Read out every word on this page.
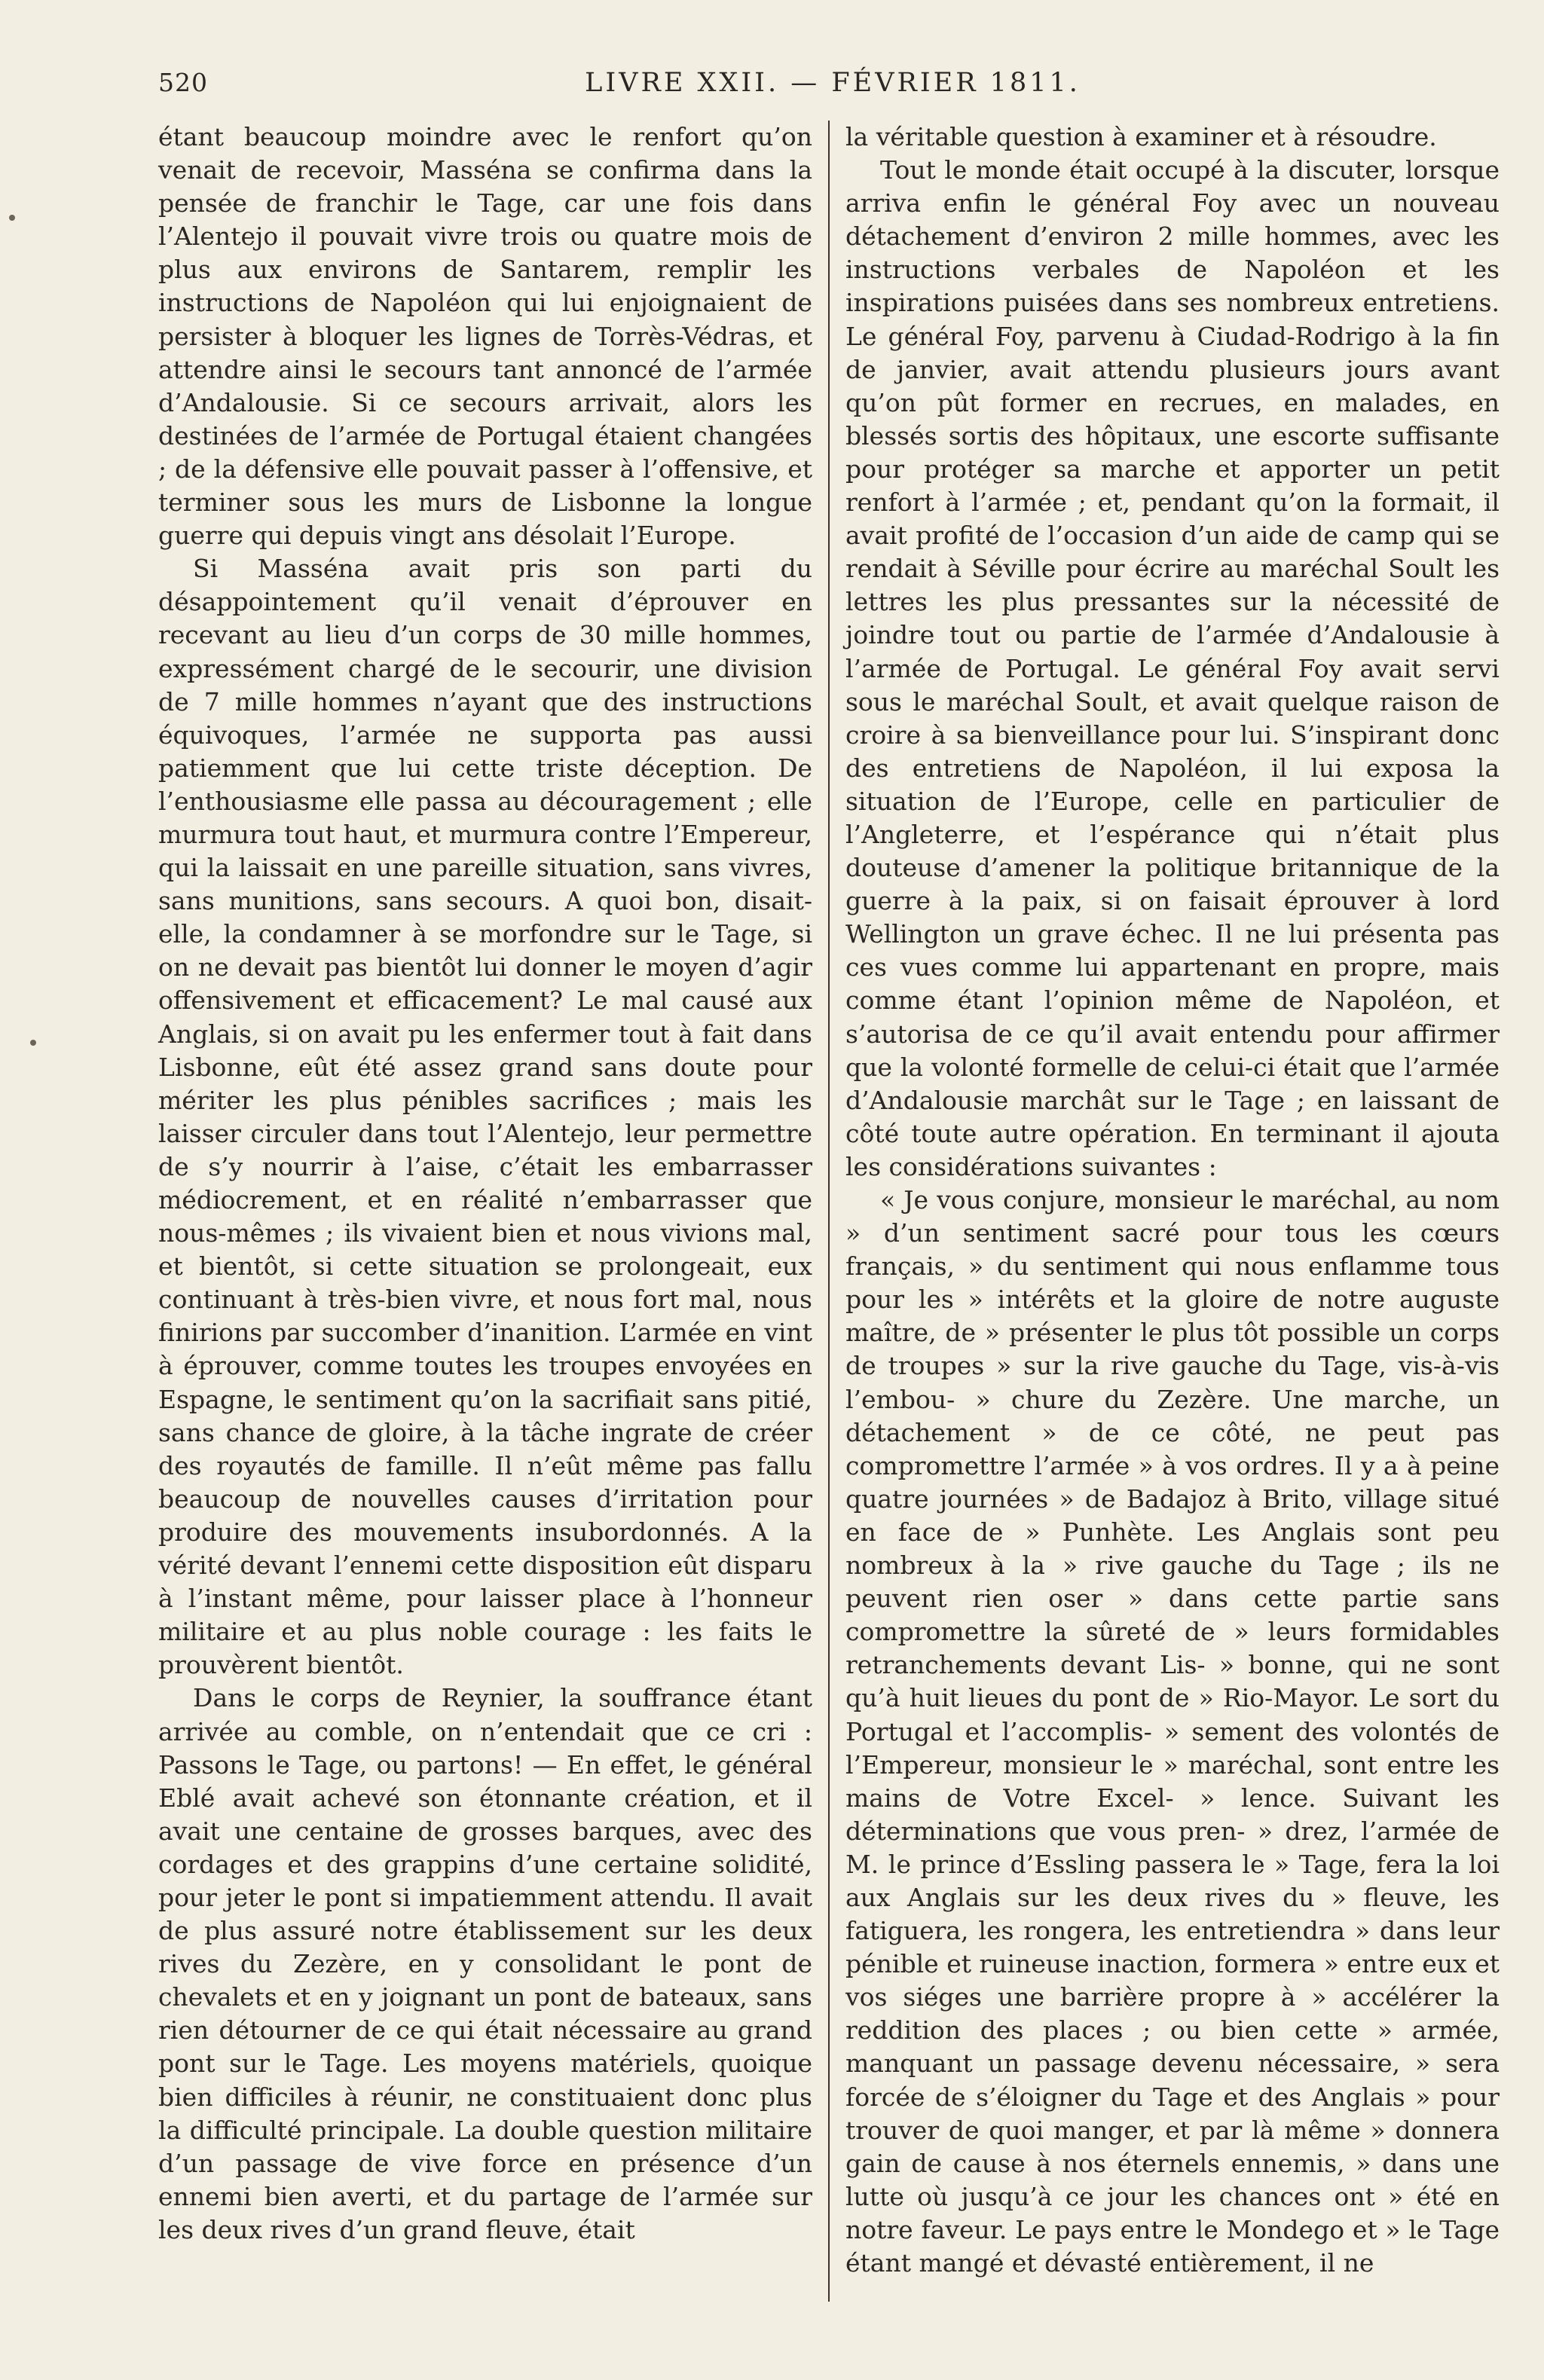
520	LIVRE XXII. — FÉVRIER 1811.

étant beaucoup moindre avec le renfort qu’on venait de recevoir, Masséna se confirma dans la pensée de franchir le Tage, car une fois dans l’Alentejo il pouvait vivre trois ou quatre mois de plus aux environs de Santarem, remplir les instructions de Napoléon qui lui enjoignaient de persister à bloquer les lignes de Torrès-Védras, et attendre ainsi le secours tant annoncé de l’armée d’Andalousie. Si ce secours arrivait, alors les destinées de l’armée de Portugal étaient changées ; de la défensive elle pouvait passer à l’offensive, et terminer sous les murs de Lisbonne la longue guerre qui depuis vingt ans désolait l’Europe.

Si Masséna avait pris son parti du désappointement qu’il venait d’éprouver en recevant au lieu d’un corps de 30 mille hommes, expressément chargé de le secourir, une division de 7 mille hommes n’ayant que des instructions équivoques, l’armée ne supporta pas aussi patiemment que lui cette triste déception. De l’enthousiasme elle passa au découragement ; elle murmura tout haut, et murmura contre l’Empereur, qui la laissait en une pareille situation, sans vivres, sans munitions, sans secours. A quoi bon, disait-elle, la condamner à se morfondre sur le Tage, si on ne devait pas bientôt lui donner le moyen d’agir offensivement et efficacement? Le mal causé aux Anglais, si on avait pu les enfermer tout à fait dans Lisbonne, eût été assez grand sans doute pour mériter les plus pénibles sacrifices ; mais les laisser circuler dans tout l’Alentejo, leur permettre de s’y nourrir à l’aise, c’était les embarrasser médiocrement, et en réalité n’embarrasser que nous-mêmes ; ils vivaient bien et nous vivions mal, et bientôt, si cette situation se prolongeait, eux continuant à très-bien vivre, et nous fort mal, nous finirions par succomber d’inanition. L’armée en vint à éprouver, comme toutes les troupes envoyées en Espagne, le sentiment qu’on la sacrifiait sans pitié, sans chance de gloire, à la tâche ingrate de créer des royautés de famille. Il n’eût même pas fallu beaucoup de nouvelles causes d’irritation pour produire des mouvements insubordonnés. A la vérité devant l’ennemi cette disposition eût disparu à l’instant même, pour laisser place à l’honneur militaire et au plus noble courage : les faits le prouvèrent bientôt.

Dans le corps de Reynier, la souffrance étant arrivée au comble, on n’entendait que ce cri : Passons le Tage, ou partons! — En effet, le général Eblé avait achevé son étonnante création, et il avait une centaine de grosses barques, avec des cordages et des grappins d’une certaine solidité, pour jeter le pont si impatiemment attendu. Il avait de plus assuré notre établissement sur les deux rives du Zezère, en y consolidant le pont de chevalets et en y joignant un pont de bateaux, sans rien détourner de ce qui était nécessaire au grand pont sur le Tage. Les moyens matériels, quoique bien difficiles à réunir, ne constituaient donc plus la difficulté principale. La double question militaire d’un passage de vive force en présence d’un ennemi bien averti, et du partage de l’armée sur les deux rives d’un grand fleuve, était

la véritable question à examiner et à résoudre.

Tout le monde était occupé à la discuter, lorsque arriva enfin le général Foy avec un nouveau détachement d’environ 2 mille hommes, avec les instructions verbales de Napoléon et les inspirations puisées dans ses nombreux entretiens. Le général Foy, parvenu à Ciudad-Rodrigo à la fin de janvier, avait attendu plusieurs jours avant qu’on pût former en recrues, en malades, en blessés sortis des hôpitaux, une escorte suffisante pour protéger sa marche et apporter un petit renfort à l’armée ; et, pendant qu’on la formait, il avait profité de l’occasion d’un aide de camp qui se rendait à Séville pour écrire au maréchal Soult les lettres les plus pressantes sur la nécessité de joindre tout ou partie de l’armée d’Andalousie à l’armée de Portugal. Le général Foy avait servi sous le maréchal Soult, et avait quelque raison de croire à sa bienveillance pour lui. S’inspirant donc des entretiens de Napoléon, il lui exposa la situation de l’Europe, celle en particulier de l’Angleterre, et l’espérance qui n’était plus douteuse d’amener la politique britannique de la guerre à la paix, si on faisait éprouver à lord Wellington un grave échec. Il ne lui présenta pas ces vues comme lui appartenant en propre, mais comme étant l’opinion même de Napoléon, et s’autorisa de ce qu’il avait entendu pour affirmer que la volonté formelle de celui-ci était que l’armée d’Andalousie marchât sur le Tage ; en laissant de côté toute autre opération. En terminant il ajouta les considérations suivantes :

« Je vous conjure, monsieur le maréchal, au nom » d’un sentiment sacré pour tous les cœurs français, » du sentiment qui nous enflamme tous pour les » intérêts et la gloire de notre auguste maître, de » présenter le plus tôt possible un corps de troupes » sur la rive gauche du Tage, vis-à-vis l’embou- » chure du Zezère. Une marche, un détachement » de ce côté, ne peut pas compromettre l’armée » à vos ordres. Il y a à peine quatre journées » de Badajoz à Brito, village situé en face de » Punhète. Les Anglais sont peu nombreux à la » rive gauche du Tage ; ils ne peuvent rien oser » dans cette partie sans compromettre la sûreté de » leurs formidables retranchements devant Lis- » bonne, qui ne sont qu’à huit lieues du pont de » Rio-Mayor. Le sort du Portugal et l’accomplis- » sement des volontés de l’Empereur, monsieur le » maréchal, sont entre les mains de Votre Excel- » lence. Suivant les déterminations que vous pren- » drez, l’armée de M. le prince d’Essling passera le » Tage, fera la loi aux Anglais sur les deux rives du » fleuve, les fatiguera, les rongera, les entretiendra » dans leur pénible et ruineuse inaction, formera » entre eux et vos siéges une barrière propre à » accélérer la reddition des places ; ou bien cette » armée, manquant un passage devenu nécessaire, » sera forcée de s’éloigner du Tage et des Anglais » pour trouver de quoi manger, et par là même » donnera gain de cause à nos éternels ennemis, » dans une lutte où jusqu’à ce jour les chances ont » été en notre faveur. Le pays entre le Mondego et » le Tage étant mangé et dévasté entièrement, il ne
